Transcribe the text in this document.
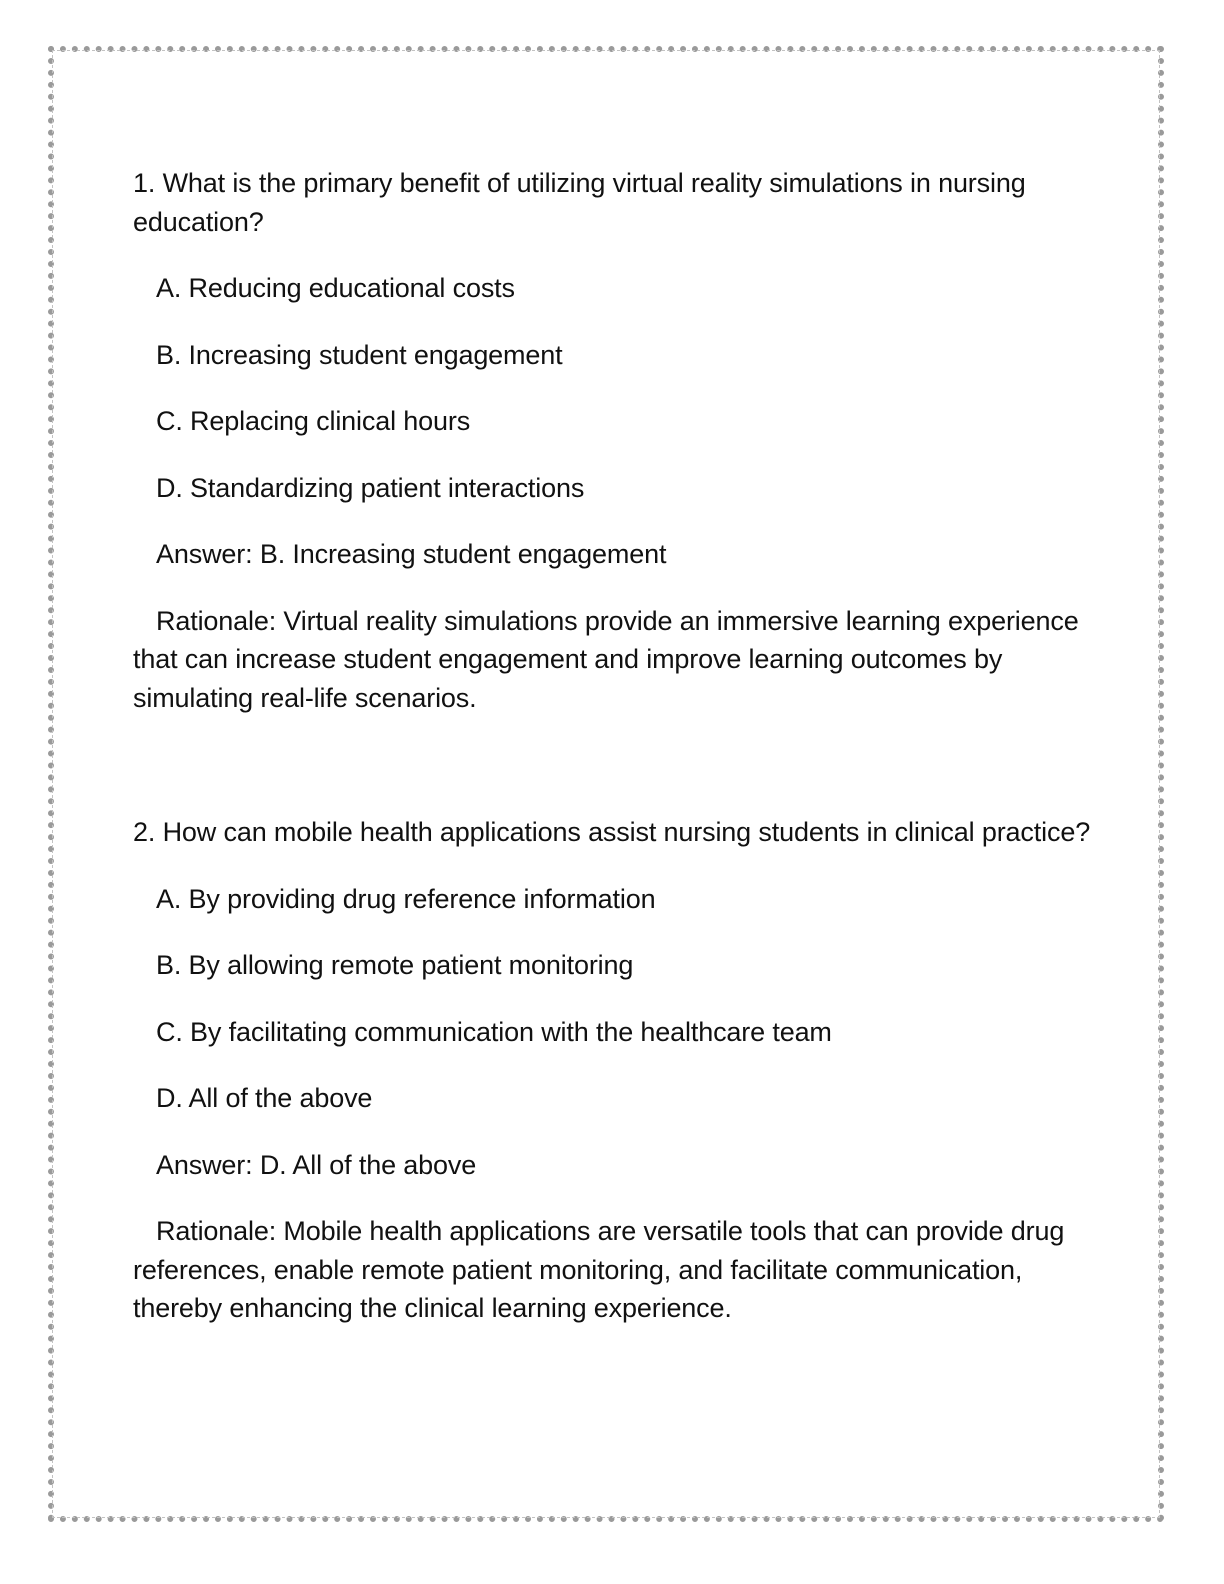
1. What is the primary benefit of utilizing virtual reality simulations in nursing education?

A. Reducing educational costs

B. Increasing student engagement

C. Replacing clinical hours

D. Standardizing patient interactions

Answer: B. Increasing student engagement

Rationale: Virtual reality simulations provide an immersive learning experience that can increase student engagement and improve learning outcomes by simulating real-life scenarios.

2. How can mobile health applications assist nursing students in clinical practice?

A. By providing drug reference information

B. By allowing remote patient monitoring

C. By facilitating communication with the healthcare team

D. All of the above

Answer: D. All of the above

Rationale: Mobile health applications are versatile tools that can provide drug references, enable remote patient monitoring, and facilitate communication, thereby enhancing the clinical learning experience.
